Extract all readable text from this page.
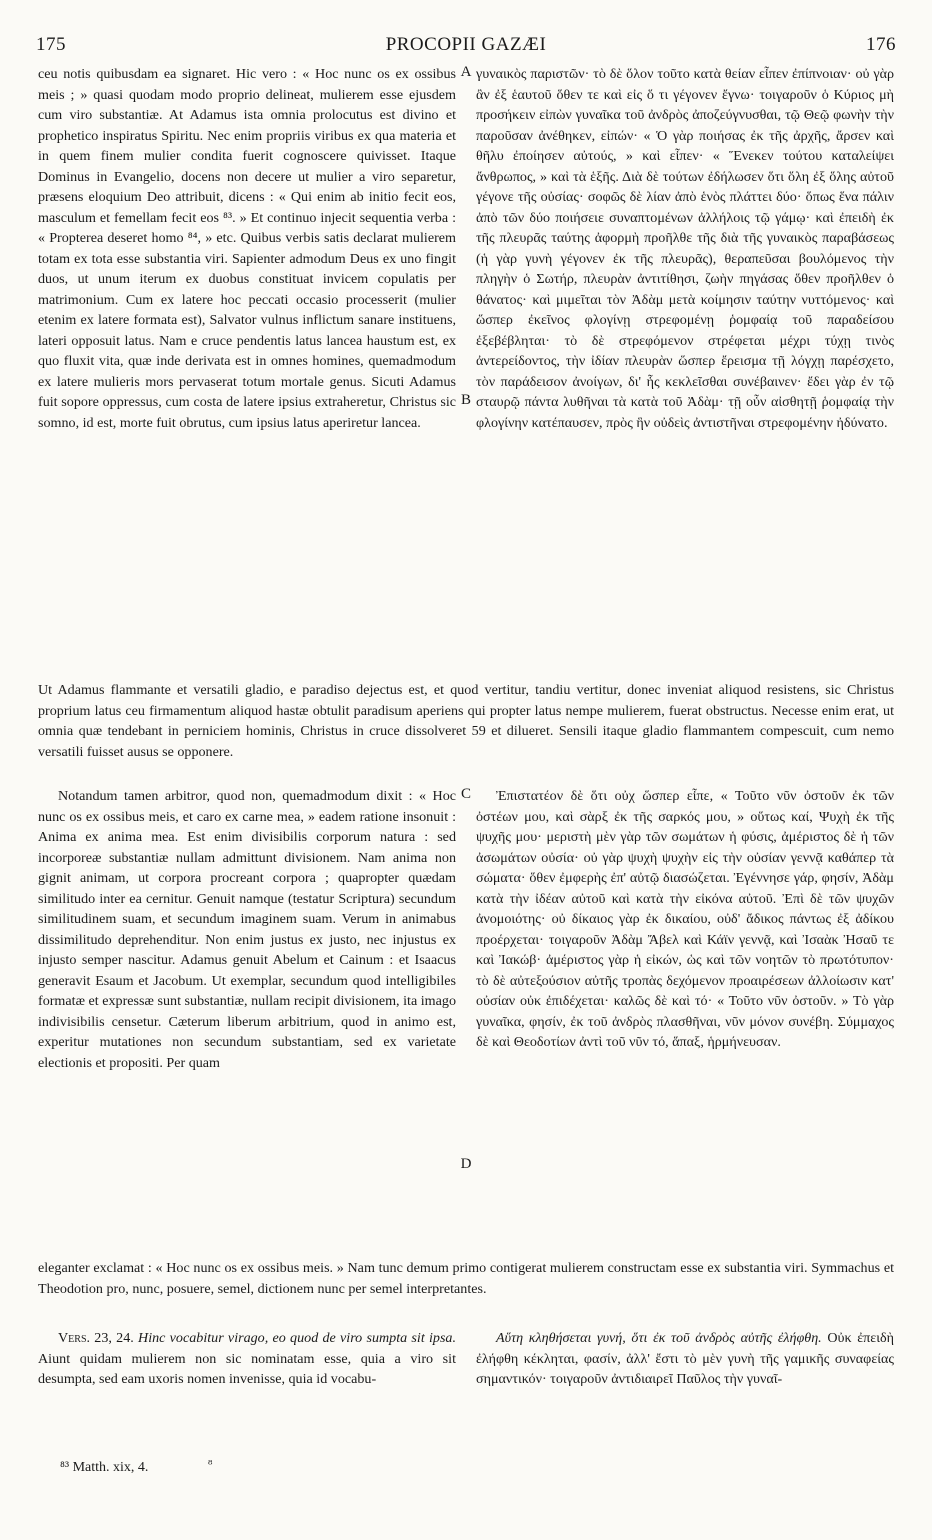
175	PROCOPII GAZÆI	176

ceu notis quibusdam ea signaret. Hic vero : « Hoc nunc os ex ossibus meis ; » quasi quodam modo proprio delineat, mulierem esse ejusdem cum viro substantiæ. At Adamus ista omnia prolocutus est divino et prophetico inspiratus Spiritu. Nec enim propriis viribus ex qua materia et in quem finem mulier condita fuerit cognoscere quivisset. Itaque Dominus in Evangelio, docens non decere ut mulier a viro separetur, præsens eloquium Deo attribuit, dicens : « Qui enim ab initio fecit eos, masculum et femellam fecit eos ⁸³. » Et continuo injecit sequentia verba : « Propterea deseret homo ⁸⁴, » etc. Quibus verbis satis declarat mulierem totam ex tota esse substantia viri. Sapienter admodum Deus ex uno fingit duos, ut unum iterum ex duobus constituat invicem copulatis per matrimonium. Cum ex latere hoc peccati occasio processerit (mulier etenim ex latere formata est), Salvator vulnus inflictum sanare instituens, lateri opposuit latus. Nam e cruce pendentis latus lancea haustum est, ex quo fluxit vita, quæ inde derivata est in omnes homines, quemadmodum ex latere mulieris mors pervaserat totum mortale genus. Sicuti Adamus fuit sopore oppressus, cum costa de latere ipsius extraheretur, Christus sic somno, id est, morte fuit obrutus, cum ipsius latus aperiretur lancea.

γυναικὸς παριστῶν· τὸ δὲ ὅλον τοῦτο κατὰ θείαν εἶπεν ἐπίπνοιαν· οὐ γὰρ ἂν ἐξ ἑαυτοῦ ὅθεν τε καὶ εἰς ὅ τι γέγονεν ἔγνω· τοιγαροῦν ὁ Κύριος μὴ προσήκειν εἰπὼν γυναῖκα τοῦ ἀνδρὸς ἀποζεύγνυσθαι, τῷ Θεῷ φωνὴν τὴν παροῦσαν ἀνέθηκεν, εἰπών· « Ὁ γὰρ ποιήσας ἐκ τῆς ἀρχῆς, ἄρσεν καὶ θῆλυ ἐποίησεν αὐτούς, » καὶ εἶπεν· « Ἕνεκεν τούτου καταλείψει ἄνθρωπος, » καὶ τὰ ἑξῆς. Διὰ δὲ τούτων ἐδήλωσεν ὅτι ὅλη ἐξ ὅλης αὐτοῦ γέγονε τῆς οὐσίας· σοφῶς δὲ λίαν ἀπὸ ἑνὸς πλάττει δύο· ὅπως ἕνα πάλιν ἀπὸ τῶν δύο ποιήσειε συναπτομένων ἀλλήλοις τῷ γάμῳ· καὶ ἐπειδὴ ἐκ τῆς πλευρᾶς ταύτης ἀφορμὴ προῆλθε τῆς διὰ τῆς γυναικὸς παραβάσεως (ἡ γὰρ γυνὴ γέγονεν ἐκ τῆς πλευρᾶς), θεραπεῦσαι βουλόμενος τὴν πληγὴν ὁ Σωτήρ, πλευρὰν ἀντιτίθησι, ζωὴν πηγάσας ὅθεν προῆλθεν ὁ θάνατος· καὶ μιμεῖται τὸν Ἀδὰμ μετὰ κοίμησιν ταύτην νυττόμενος· καὶ ὥσπερ ἐκεῖνος φλογίνῃ στρεφομένῃ ῥομφαίᾳ τοῦ παραδείσου ἐξεβέβληται· τὸ δὲ στρεφόμενον στρέφεται μέχρι τύχῃ τινὸς ἀντερείδοντος, τὴν ἰδίαν πλευρὰν ὥσπερ ἔρεισμα τῇ λόγχῃ παρέσχετο, τὸν παράδεισον ἀνοίγων, δι' ἧς κεκλεῖσθαι συνέβαινεν· ἔδει γὰρ ἐν τῷ σταυρῷ πάντα λυθῆναι τὰ κατὰ τοῦ Ἀδὰμ· τῇ οὖν αἰσθητῇ ῥομφαίᾳ τὴν φλογίνην κατέπαυσεν, πρὸς ἣν οὐδεὶς ἀντιστῆναι στρεφομένην ἠδύνατο.

A
B

Ut Adamus flammante et versatili gladio, e paradiso dejectus est, et quod vertitur, tandiu vertitur, donec inveniat aliquod resistens, sic Christus proprium latus ceu firmamentum aliquod hastæ obtulit paradisum aperiens qui propter latus nempe mulierem, fuerat obstructus. Necesse enim erat, ut omnia quæ tendebant in perniciem hominis, Christus in cruce dissolveret 59 et dilueret. Sensili itaque gladio flammantem compescuit, cum nemo versatili fuisset ausus se opponere.

Notandum tamen arbitror, quod non, quemadmodum dixit : « Hoc nunc os ex ossibus meis, et caro ex carne mea, » eadem ratione insonuit : Anima ex anima mea. Est enim divisibilis corporum natura : sed incorporeæ substantiæ nullam admittunt divisionem. Nam anima non gignit animam, ut corpora procreant corpora ; quapropter quædam similitudo inter ea cernitur. Genuit namque (testatur Scriptura) secundum similitudinem suam, et secundum imaginem suam. Verum in animabus dissimilitudo deprehenditur. Non enim justus ex justo, nec injustus ex injusto semper nascitur. Adamus genuit Abelum et Cainum : et Isaacus generavit Esaum et Jacobum. Ut exemplar, secundum quod intelligibiles formatæ et expressæ sunt substantiæ, nullam recipit divisionem, ita imago indivisibilis censetur. Cæterum liberum arbitrium, quod in animo est, experitur mutationes non secundum substantiam, sed ex varietate electionis et propositi. Per quam

Ἐπιστατέον δὲ ὅτι οὐχ ὥσπερ εἶπε, « Τοῦτο νῦν ὀστοῦν ἐκ τῶν ὀστέων μου, καὶ σὰρξ ἐκ τῆς σαρκός μου, » οὕτως καί, Ψυχὴ ἐκ τῆς ψυχῆς μου· μεριστὴ μὲν γὰρ τῶν σωμάτων ἡ φύσις, ἀμέριστος δὲ ἡ τῶν ἀσωμάτων οὐσία· οὐ γὰρ ψυχὴ ψυχὴν εἰς τὴν οὐσίαν γεννᾷ καθάπερ τὰ σώματα· ὅθεν ἐμφερὴς ἐπ' αὐτῷ διασώζεται. Ἐγέννησε γάρ, φησίν, Ἀδὰμ κατὰ τὴν ἰδέαν αὐτοῦ καὶ κατὰ τὴν εἰκόνα αὐτοῦ. Ἐπὶ δὲ τῶν ψυχῶν ἀνομοιότης· οὐ δίκαιος γὰρ ἐκ δικαίου, οὐδ' ἄδικος πάντως ἐξ ἀδίκου προέρχεται· τοιγαροῦν Ἀδὰμ Ἄβελ καὶ Κάϊν γεννᾷ, καὶ Ἰσαὰκ Ἠσαῦ τε καὶ Ἰακώβ· ἀμέριστος γὰρ ἡ εἰκών, ὡς καὶ τῶν νοητῶν τὸ πρωτότυπον· τὸ δὲ αὐτεξούσιον αὐτῆς τροπὰς δεχόμενον προαιρέσεων ἀλλοίωσιν κατ' οὐσίαν οὐκ ἐπιδέχεται· καλῶς δὲ καὶ τό· « Τοῦτο νῦν ὀστοῦν. » Τὸ γὰρ γυναῖκα, φησίν, ἐκ τοῦ ἀνδρὸς πλασθῆναι, νῦν μόνον συνέβη. Σύμμαχος δὲ καὶ Θεοδοτίων ἀντὶ τοῦ νῦν τό, ἅπαξ, ἡρμήνευσαν.

C
D

eleganter exclamat : « Hoc nunc os ex ossibus meis. » Nam tunc demum primo contigerat mulierem constructam esse ex substantia viri. Symmachus et Theodotion pro, nunc, posuere, semel, dictionem nunc per semel interpretantes.

Vers. 23, 24. Hinc vocabitur virago, eo quod de viro sumpta sit ipsa. Aiunt quidam mulierem non sic nominatam esse, quia a viro sit desumpta, sed eam uxoris nomen invenisse, quia id vocabu-

Αὕτη κληθήσεται γυνή, ὅτι ἐκ τοῦ ἀνδρὸς αὐτῆς ἐλήφθη. Οὐκ ἐπειδὴ ἐλήφθη κέκληται, φασίν, ἀλλ' ἔστι τὸ μὲν γυνὴ τῆς γαμικῆς συναφείας σημαντικόν· τοιγαροῦν ἀντιδιαιρεῖ Παῦλος τὴν γυναῖ-

⁸³ Matth. xix, 4.	⁸
